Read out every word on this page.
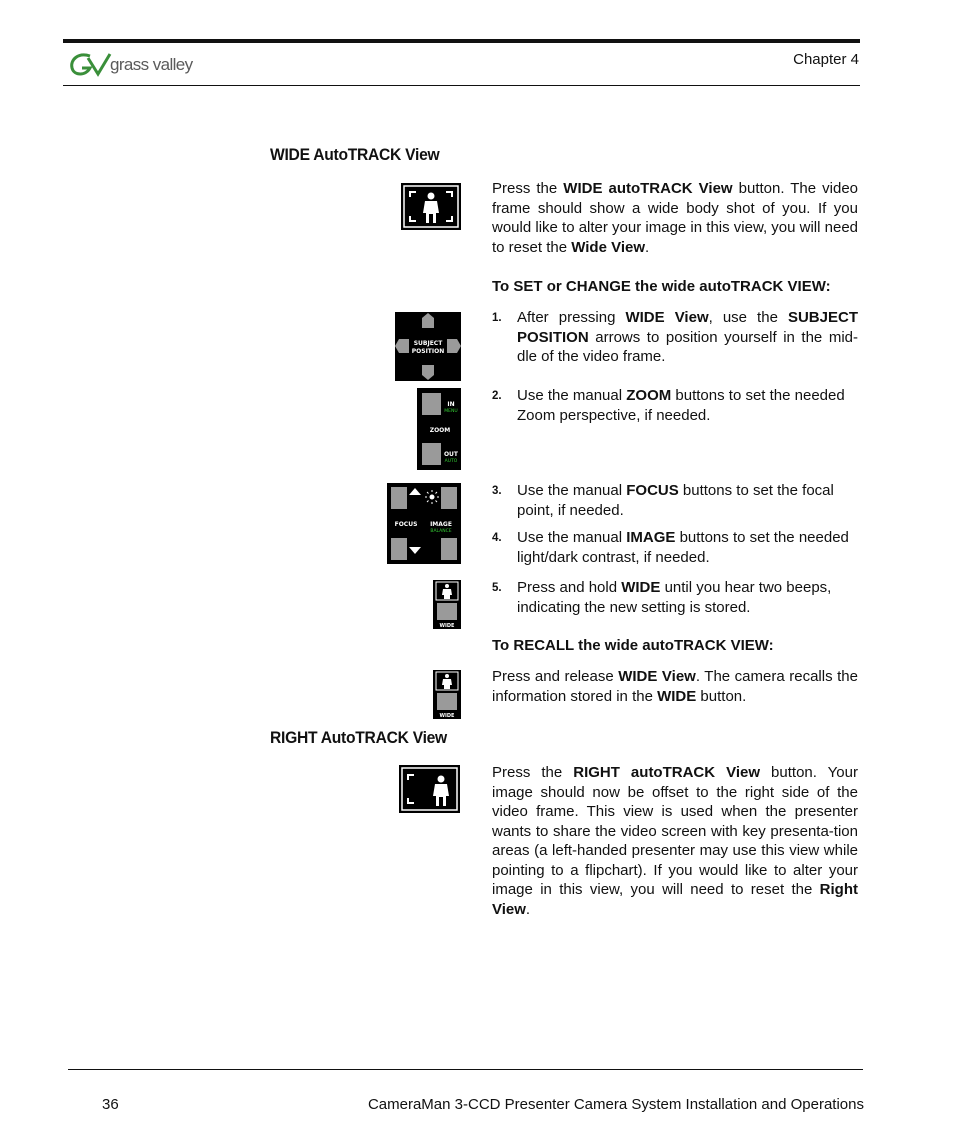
grass valley	Chapter 4
WIDE AutoTRACK View
Press the WIDE autoTRACK View button. The video frame should show a wide body shot of you. If you would like to alter your image in this view, you will need to reset the Wide View.
To SET or CHANGE the wide autoTRACK VIEW:
SUBJECT
POSITION
1. After pressing WIDE View, use the SUBJECT POSITION arrows to position yourself in the mid-dle of the video frame.
IN
MENU
ZOOM
OUT
AUTO
2. Use the manual ZOOM buttons to set the needed Zoom perspective, if needed.
FOCUS IMAGE
BALANCE
3. Use the manual FOCUS buttons to set the focal point, if needed.
4. Use the manual IMAGE buttons to set the needed light/dark contrast, if needed.
WIDE
5. Press and hold WIDE until you hear two beeps, indicating the new setting is stored.
To RECALL the wide autoTRACK VIEW:
WIDE
Press and release WIDE View. The camera recalls the information stored in the WIDE button.
RIGHT AutoTRACK View
Press the RIGHT autoTRACK View button. Your image should now be offset to the right side of the video frame. This view is used when the presenter wants to share the video screen with key presenta-tion areas (a left-handed presenter may use this view while pointing to a flipchart). If you would like to alter your image in this view, you will need to reset the Right View.
36	CameraMan 3-CCD Presenter Camera System Installation and Operations
